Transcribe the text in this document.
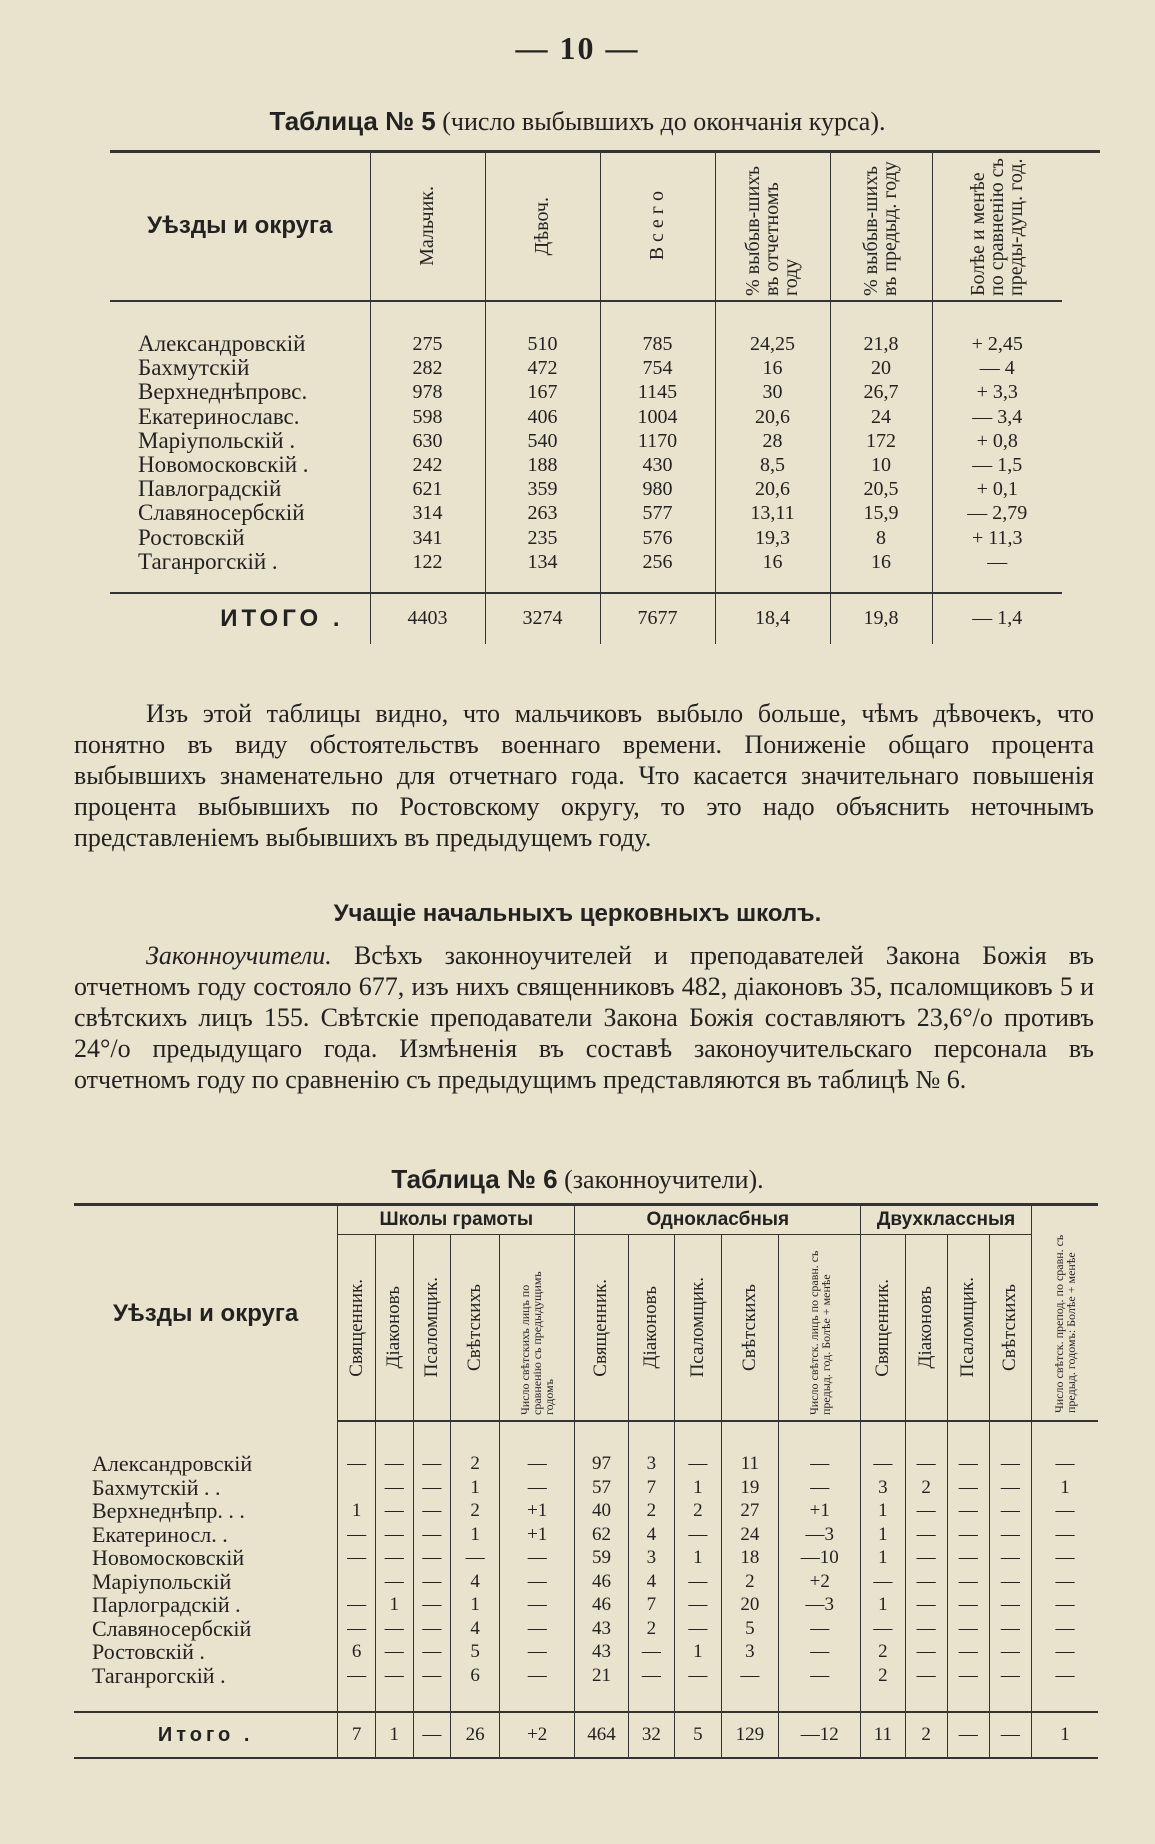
— 10 —
Таблица № 5 (число выбывшихъ до окончанія курса).
Уѣзды и округа	Мальчик.	Дѣвоч.	В с е г о	% выбыв-шихъ въ отчетномъ году	% выбыв-шихъ въ предыд. году	Болѣе и менѣе по сравненію съ преды-дущ. год.

Александровскій	275	510	785	24,25	21,8	+ 2,45
Бахмутскій	282	472	754	16	20	— 4
Верхнеднѣпровс.	978	167	1145	30	26,7	+ 3,3
Екатеринославс.	598	406	1004	20,6	24	— 3,4
Маріупольскій .	630	540	1170	28	172	+ 0,8
Новомосковскій .	242	188	430	8,5	10	— 1,5
Павлоградскій	621	359	980	20,6	20,5	+ 0,1
Славяносербскій	314	263	577	13,11	15,9	— 2,79
Ростовскій	341	235	576	19,3	8	+ 11,3
Таганрогскій .	122	134	256	16	16	—
ИТОГО .	4403	3274	7677	18,4	19,8	— 1,4

Изъ этой таблицы видно, что мальчиковъ выбыло больше, чѣмъ дѣвочекъ, что понятно въ виду обстоятельствъ военнаго времени. Пониженіе общаго процента выбывшихъ знаменательно для отчетнаго года. Что касается значительнаго повышенія процента выбывшихъ по Ростовскому округу, то это надо объяснить неточнымъ представленіемъ выбывшихъ въ предыдущемъ году.

Учащіе начальныхъ церковныхъ школъ.

Законноучители. Всѣхъ законноучителей и преподавателей Закона Божія въ отчетномъ году состояло 677, изъ нихъ священниковъ 482, діаконовъ 35, псаломщиковъ 5 и свѣтскихъ лицъ 155. Свѣтскіе преподаватели Закона Божія составляютъ 23,6°/о противъ 24°/о предыдущаго года. Измѣненія въ составѣ законоучительскаго персонала въ отчетномъ году по сравненію съ предыдущимъ представляются въ таблицѣ № 6.

Таблица № 6 (законноучители).
Уѣзды и округа	Школы грамоты					Однокласбныя					Двухклассныя				Число свѣтск. препод. по сравн. съ предыд. годомъ: Болѣе + менѣе

	Священник.	Діаконовъ	Псаломщик.	Свѣтскихъ	Число свѣтскихъ лицъ по сравненію съ предыдущимъ годомъ	Священник.	Діаконовъ	Псаломщик.	Свѣтскихъ	Число свѣтск. лицъ по сравн. съ предыд. год. Болѣе + менѣе	Священник.	Діаконовъ	Псаломщик.	Свѣтскихъ	

Александровскій	—	—	—	2	—	97	3	—	11	—	—	—	—	—	—
Бахмутскій . .		—	—	1	—	57	7	1	19	—	3	2	—	—	1
Верхнеднѣпр. . .	1	—	—	2	+1	40	2	2	27	+1	1	—	—	—	—
Екатериносл. .	—	—	—	1	+1	62	4	—	24	—3	1	—	—	—	—
Новомосковскій	—	—	—	—	—	59	3	1	18	—10	1	—	—	—	—
Маріупольскій		—	—	4	—	46	4	—	2	+2	—	—	—	—	—
Парлоградскій .	—	1	—	1	—	46	7	—	20	—3	1	—	—	—	—
Славяносербскій	—	—	—	4	—	43	2	—	5	—	—	—	—	—	—
Ростовскій .	6	—	—	5	—	43	—	1	3	—	2	—	—	—	—
Таганрогскій .	—	—	—	6	—	21	—	—	—	—	2	—	—	—	—
Итого .	7	1	—	26	+2	464	32	5	129	—12	11	2	—	—	1
